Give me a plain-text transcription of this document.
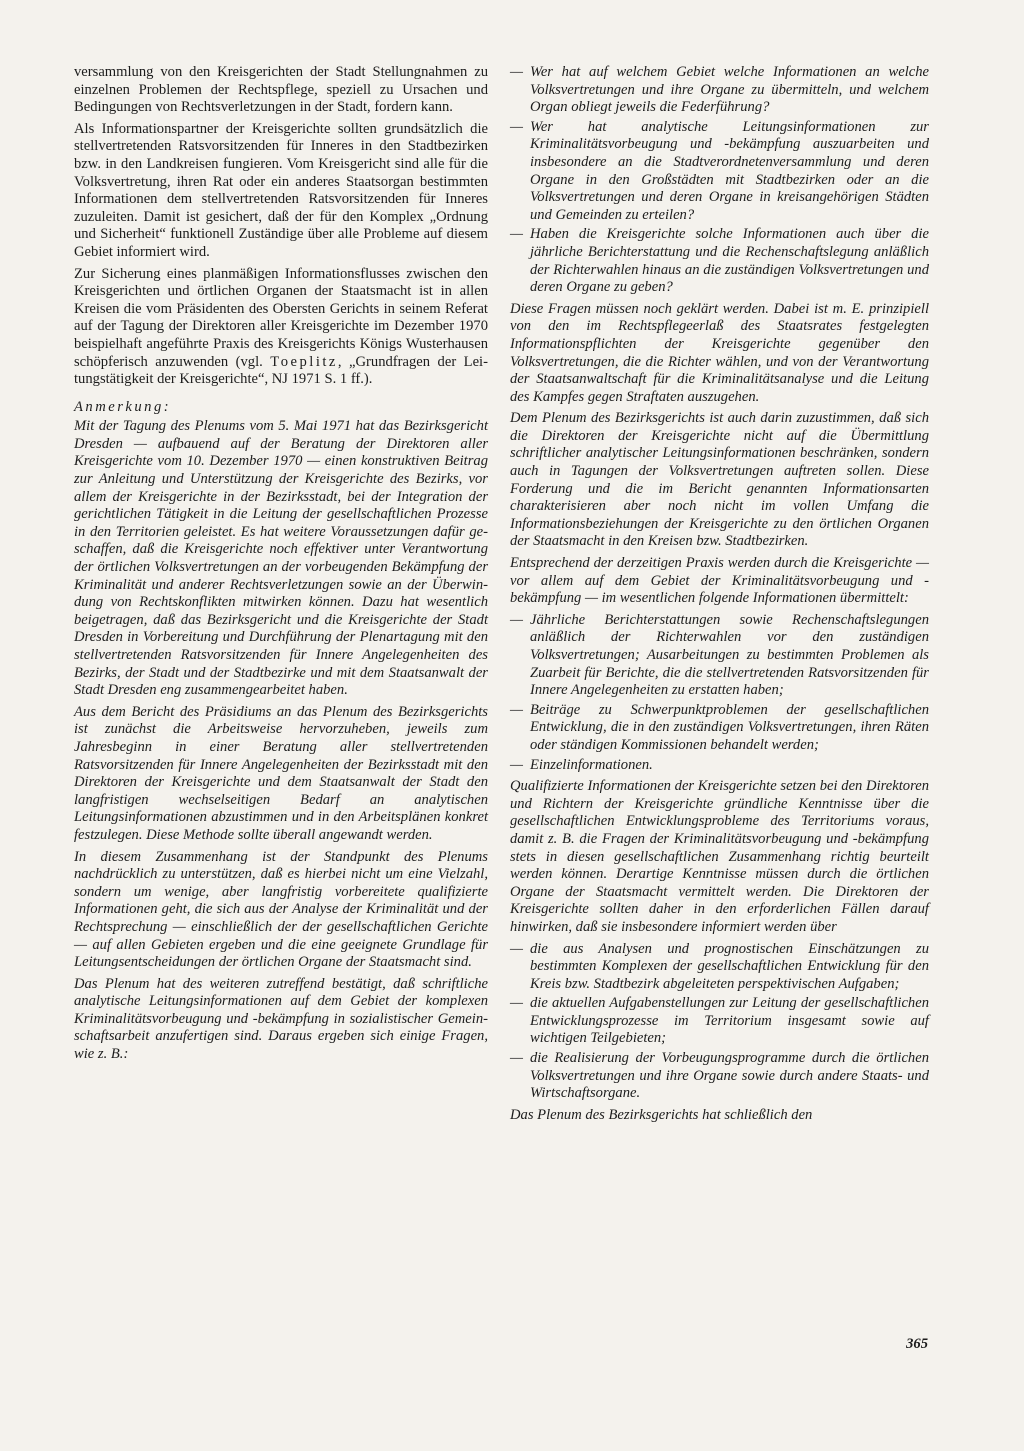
versammlung von den Kreisgerichten der Stadt Stellungnahmen zu einzelnen Problemen der Rechtspflege, speziell zu Ursachen und Bedingungen von Rechtsverletzungen in der Stadt, fordern kann.

Als Informationspartner der Kreisgerichte sollten grundsätzlich die stellvertretenden Ratsvorsitzenden für Inneres in den Stadtbezirken bzw. in den Landkreisen fungieren. Vom Kreisgericht sind alle für die Volksvertretung, ihren Rat oder ein anderes Staatsorgan bestimmten Informationen dem stellvertretenden Ratsvorsitzenden für Inneres zuzuleiten. Damit ist gesichert, daß der für den Komplex „Ordnung und Sicherheit“ funktionell Zuständige über alle Probleme auf diesem Gebiet informiert wird.

Zur Sicherung eines planmäßigen Informationsflusses zwischen den Kreisgerichten und örtlichen Organen der Staatsmacht ist in allen Kreisen die vom Präsidenten des Obersten Gerichts in seinem Referat auf der Tagung der Direktoren aller Kreisgerichte im Dezember 1970 beispielhaft angeführte Praxis des Kreisgerichts Königs Wusterhausen schöpferisch anzuwenden (vgl. Toeplitz, „Grundfragen der Leitungstätigkeit der Kreisgerichte“, NJ 1971 S. 1 ff.).

Anmerkung:

Mit der Tagung des Plenums vom 5. Mai 1971 hat das Bezirksgericht Dresden — aufbauend auf der Beratung der Direktoren aller Kreisgerichte vom 10. Dezember 1970 — einen konstruktiven Beitrag zur Anleitung und Unterstützung der Kreisgerichte des Bezirks, vor allem der Kreisgerichte in der Bezirksstadt, bei der Integration der gerichtlichen Tätigkeit in die Leitung der gesellschaftlichen Prozesse in den Territorien geleistet. Es hat weitere Voraussetzungen dafür geschaffen, daß die Kreisgerichte noch effektiver unter Verantwortung der örtlichen Volksvertretungen an der vorbeugenden Bekämpfung der Kriminalität und anderer Rechtsverletzungen sowie an der Überwindung von Rechtskonflikten mitwirken können. Dazu hat wesentlich beigetragen, daß das Bezirksgericht und die Kreisgerichte der Stadt Dresden in Vorbereitung und Durchführung der Plenartagung mit den stellvertretenden Ratsvorsitzenden für Innere Angelegenheiten des Bezirks, der Stadt und der Stadtbezirke und mit dem Staatsanwalt der Stadt Dresden eng zusammengearbeitet haben.

Aus dem Bericht des Präsidiums an das Plenum des Bezirksgerichts ist zunächst die Arbeitsweise hervorzuheben, jeweils zum Jahresbeginn in einer Beratung aller stellvertretenden Ratsvorsitzenden für Innere Angelegenheiten der Bezirksstadt mit den Direktoren der Kreisgerichte und dem Staatsanwalt der Stadt den langfristigen wechselseitigen Bedarf an analytischen Leitungsinformationen abzustimmen und in den Arbeitsplänen konkret festzulegen. Diese Methode sollte überall angewandt werden.

In diesem Zusammenhang ist der Standpunkt des Plenums nachdrücklich zu unterstützen, daß es hierbei nicht um eine Vielzahl, sondern um wenige, aber langfristig vorbereitete qualifizierte Informationen geht, die sich aus der Analyse der Kriminalität und der Rechtsprechung — einschließlich der der gesellschaftlichen Gerichte — auf allen Gebieten ergeben und die eine geeignete Grundlage für Leitungsentscheidungen der örtlichen Organe der Staatsmacht sind.

Das Plenum hat des weiteren zutreffend bestätigt, daß schriftliche analytische Leitungsinformationen auf dem Gebiet der komplexen Kriminalitätsvorbeugung und -bekämpfung in sozialistischer Gemeinschaftsarbeit anzufertigen sind. Daraus ergeben sich einige Fragen, wie z. B.:

— Wer hat auf welchem Gebiet welche Informationen an welche Volksvertretungen und ihre Organe zu übermitteln, und welchem Organ obliegt jeweils die Federführung?
— Wer hat analytische Leitungsinformationen zur Kriminalitätsvorbeugung und -bekämpfung auszuarbeiten und insbesondere an die Stadtverordnetenversammlung und deren Organe in den Großstädten mit Stadtbezirken oder an die Volksvertretungen und deren Organe in kreisangehörigen Städten und Gemeinden zu erteilen?
— Haben die Kreisgerichte solche Informationen auch über die jährliche Berichterstattung und die Rechenschaftslegung anläßlich der Richterwahlen hinaus an die zuständigen Volksvertretungen und deren Organe zu geben?

Diese Fragen müssen noch geklärt werden. Dabei ist m. E. prinzipiell von den im Rechtspflegeerlaß des Staatsrates festgelegten Informationspflichten der Kreisgerichte gegenüber den Volksvertretungen, die die Richter wählen, und von der Verantwortung der Staatsanwaltschaft für die Kriminalitätsanalyse und die Leitung des Kampfes gegen Straftaten auszugehen.

Dem Plenum des Bezirksgerichts ist auch darin zuzustimmen, daß sich die Direktoren der Kreisgerichte nicht auf die Übermittlung schriftlicher analytischer Leitungsinformationen beschränken, sondern auch in Tagungen der Volksvertretungen auftreten sollen. Diese Forderung und die im Bericht genannten Informationsarten charakterisieren aber noch nicht im vollen Umfang die Informationsbeziehungen der Kreisgerichte zu den örtlichen Organen der Staatsmacht in den Kreisen bzw. Stadtbezirken.

Entsprechend der derzeitigen Praxis werden durch die Kreisgerichte — vor allem auf dem Gebiet der Kriminalitätsvorbeugung und -bekämpfung — im wesentlichen folgende Informationen übermittelt:

— Jährliche Berichterstattungen sowie Rechenschaftslegungen anläßlich der Richterwahlen vor den zuständigen Volksvertretungen; Ausarbeitungen zu bestimmten Problemen als Zuarbeit für Berichte, die die stellvertretenden Ratsvorsitzenden für Innere Angelegenheiten zu erstatten haben;
— Beiträge zu Schwerpunktproblemen der gesellschaftlichen Entwicklung, die in den zuständigen Volksvertretungen, ihren Räten oder ständigen Kommissionen behandelt werden;
— Einzelinformationen.

Qualifizierte Informationen der Kreisgerichte setzen bei den Direktoren und Richtern der Kreisgerichte gründliche Kenntnisse über die gesellschaftlichen Entwicklungsprobleme des Territoriums voraus, damit z. B. die Fragen der Kriminalitätsvorbeugung und -bekämpfung stets in diesen gesellschaftlichen Zusammenhang richtig beurteilt werden können. Derartige Kenntnisse müssen durch die örtlichen Organe der Staatsmacht vermittelt werden. Die Direktoren der Kreisgerichte sollten daher in den erforderlichen Fällen darauf hinwirken, daß sie insbesondere informiert werden über

— die aus Analysen und prognostischen Einschätzungen zu bestimmten Komplexen der gesellschaftlichen Entwicklung für den Kreis bzw. Stadtbezirk abgeleiteten perspektivischen Aufgaben;
— die aktuellen Aufgabenstellungen zur Leitung der gesellschaftlichen Entwicklungsprozesse im Territorium insgesamt sowie auf wichtigen Teilgebieten;
— die Realisierung der Vorbeugungsprogramme durch die örtlichen Volksvertretungen und ihre Organe sowie durch andere Staats- und Wirtschaftsorgane.

Das Plenum des Bezirksgerichts hat schließlich den

365
